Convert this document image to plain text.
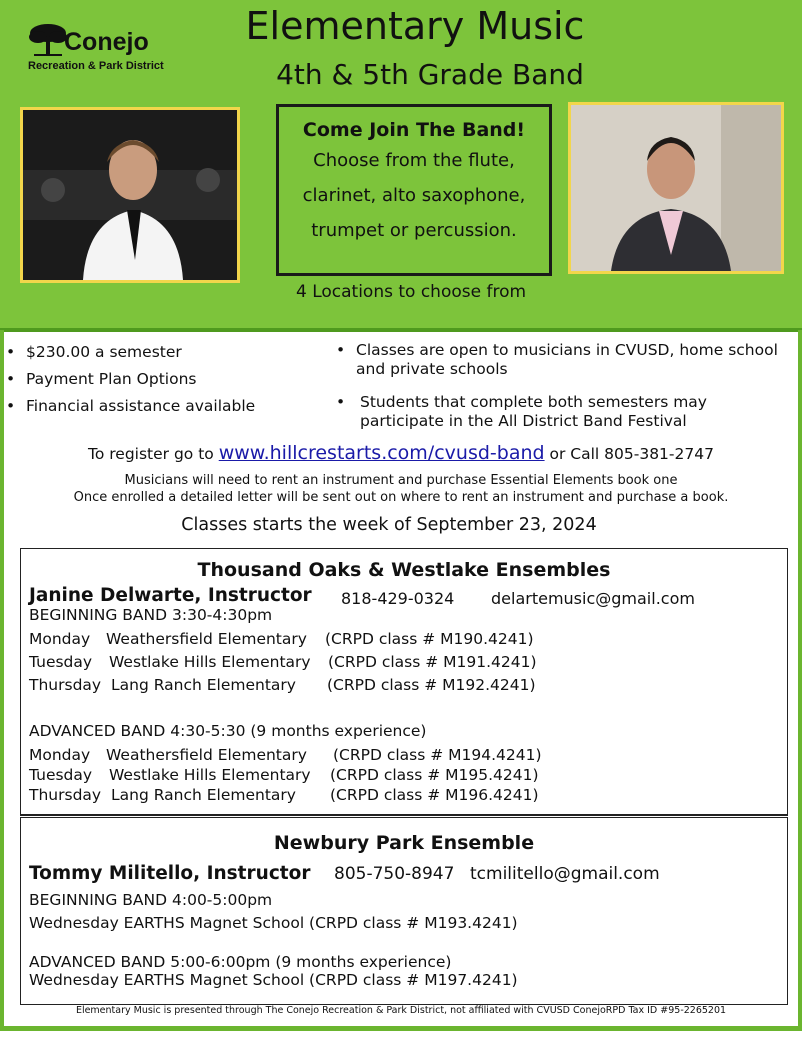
Conejo
Recreation & Park District
Elementary Music
4th & 5th Grade Band
Come Join The Band!
Choose from the flute,
clarinet, alto saxophone,
trumpet or percussion.
4 Locations to choose from
• $230.00 a semester
• Payment Plan Options
• Financial assistance available
• Classes are open to musicians in CVUSD, home school
and private schools
• Students that complete both semesters may
participate in the All District Band Festival
To register go to www.hillcrestarts.com/cvusd-band or Call 805-381-2747
Musicians will need to rent an instrument and purchase Essential Elements book one
Once enrolled a detailed letter will be sent out on where to rent an instrument and purchase a book.
Classes starts the week of September 23, 2024
Thousand Oaks & Westlake Ensembles
Janine Delwarte, Instructor 818-429-0324 delartemusic@gmail.com
BEGINNING BAND 3:30-4:30pm
Monday Weathersfield Elementary (CRPD class # M190.4241)
Tuesday Westlake Hills Elementary (CRPD class # M191.4241)
Thursday Lang Ranch Elementary (CRPD class # M192.4241)
ADVANCED BAND 4:30-5:30 (9 months experience)
Monday Weathersfield Elementary (CRPD class # M194.4241)
Tuesday Westlake Hills Elementary (CRPD class # M195.4241)
Thursday Lang Ranch Elementary (CRPD class # M196.4241)
Newbury Park Ensemble
Tommy Militello, Instructor 805-750-8947 tcmilitello@gmail.com
BEGINNING BAND 4:00-5:00pm
Wednesday EARTHS Magnet School (CRPD class # M193.4241)
ADVANCED BAND 5:00-6:00pm (9 months experience)
Wednesday EARTHS Magnet School (CRPD class # M197.4241)
Elementary Music is presented through The Conejo Recreation & Park District, not affiliated with CVUSD ConejoRPD Tax ID #95-2265201
